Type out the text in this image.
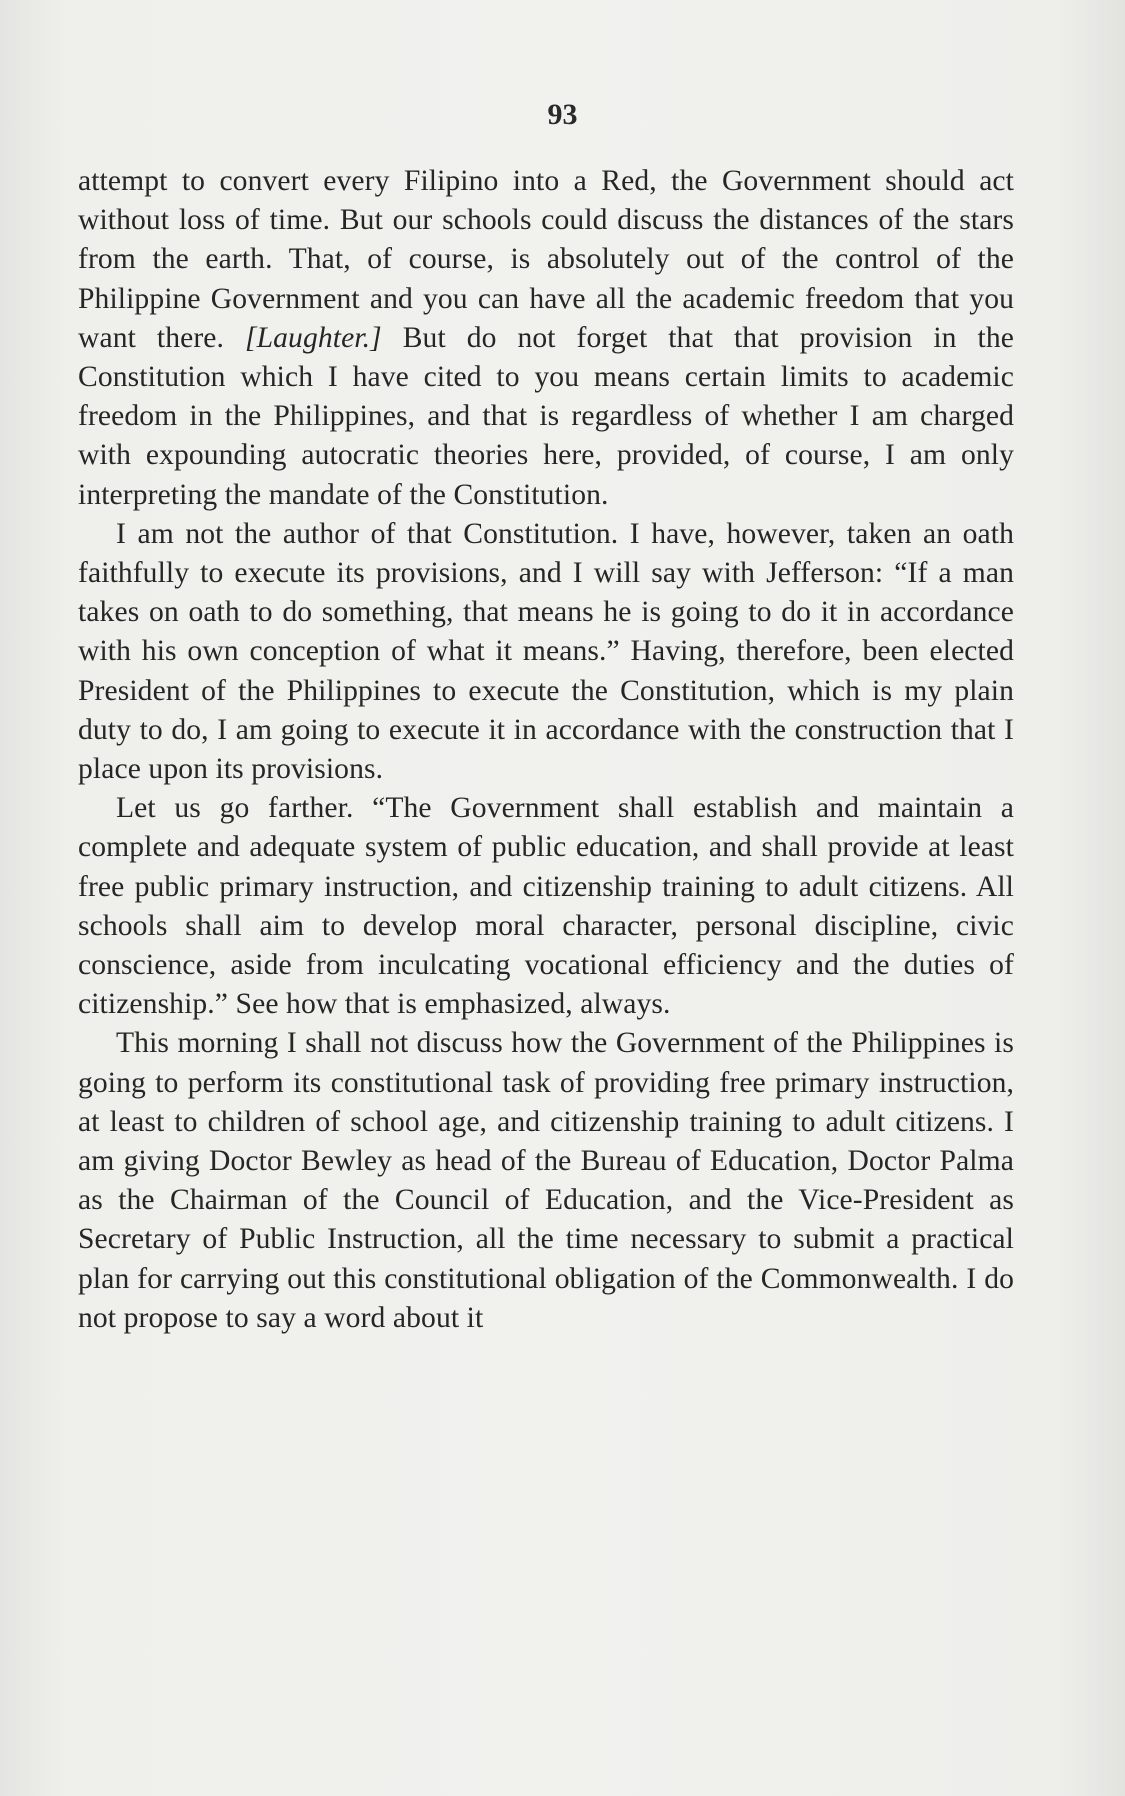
93

attempt to convert every Filipino into a Red, the Government should act without loss of time. But our schools could discuss the distances of the stars from the earth. That, of course, is absolutely out of the control of the Philippine Government and you can have all the academic freedom that you want there. [Laughter.] But do not forget that that provision in the Constitution which I have cited to you means certain limits to academic freedom in the Philippines, and that is regardless of whether I am charged with expounding autocratic theories here, provided, of course, I am only interpreting the mandate of the Constitution.

I am not the author of that Constitution. I have, however, taken an oath faithfully to execute its provisions, and I will say with Jefferson: “If a man takes on oath to do something, that means he is going to do it in accordance with his own conception of what it means.” Having, therefore, been elected President of the Philippines to execute the Constitution, which is my plain duty to do, I am going to execute it in accordance with the construction that I place upon its provisions.

Let us go farther. “The Government shall establish and maintain a complete and adequate system of public education, and shall provide at least free public primary instruction, and citizenship training to adult citizens. All schools shall aim to develop moral character, personal discipline, civic conscience, aside from inculcating vocational efficiency and the duties of citizenship.” See how that is emphasized, always.

This morning I shall not discuss how the Government of the Philippines is going to perform its constitutional task of providing free primary instruction, at least to children of school age, and citizenship training to adult citizens. I am giving Doctor Bewley as head of the Bureau of Education, Doctor Palma as the Chairman of the Council of Education, and the Vice-President as Secretary of Public Instruction, all the time necessary to submit a practical plan for carrying out this constitutional obligation of the Commonwealth. I do not propose to say a word about it
